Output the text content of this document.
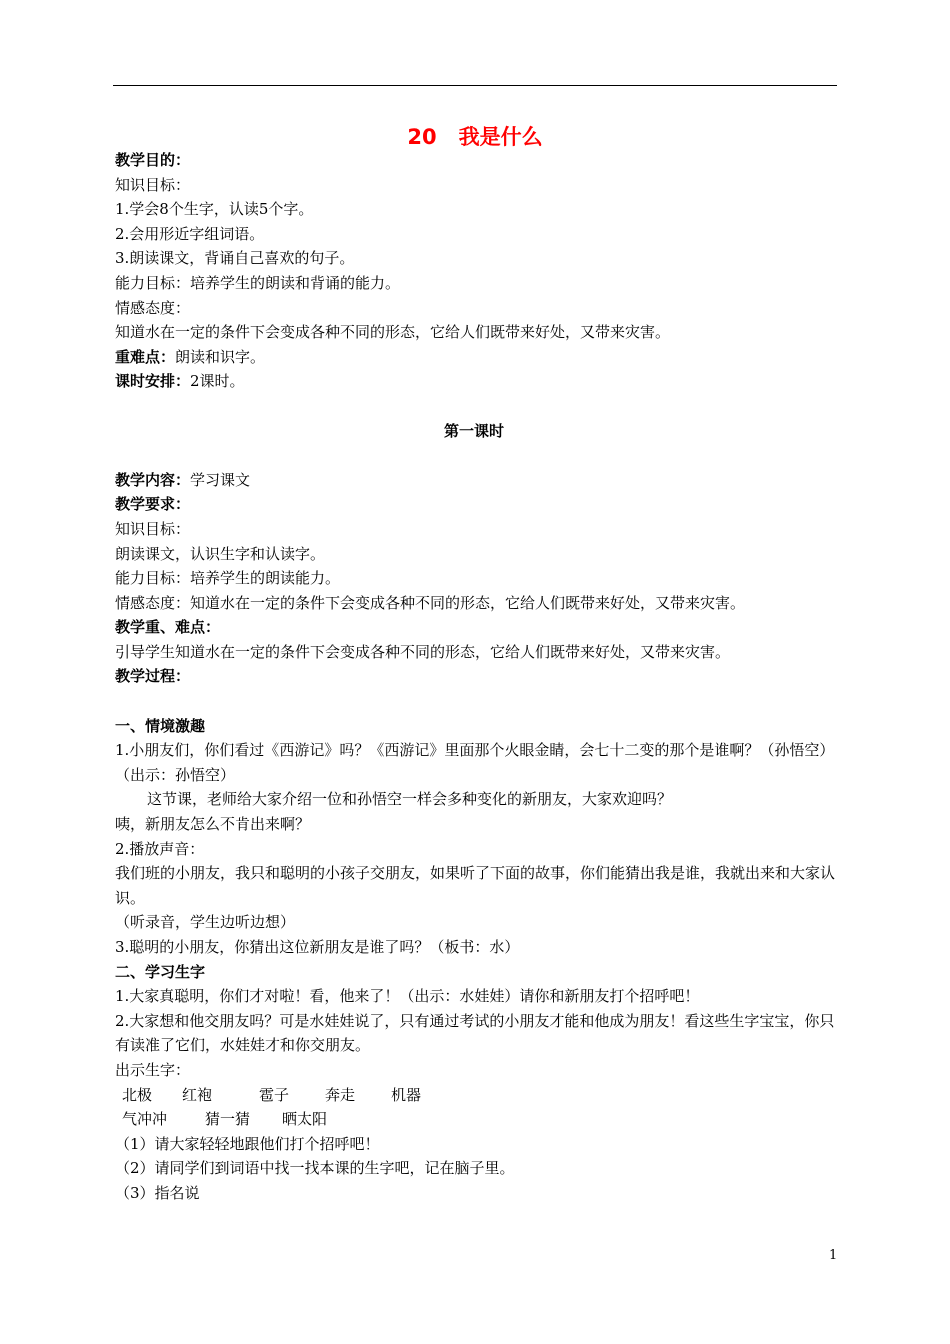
20 我是什么
教学目的：
知识目标：
1.学会8个生字，认读5个字。
2.会用形近字组词语。
3.朗读课文，背诵自己喜欢的句子。
能力目标：培养学生的朗读和背诵的能力。
情感态度：
知道水在一定的条件下会变成各种不同的形态，它给人们既带来好处，又带来灾害。
重难点：朗读和识字。
课时安排：2课时。
第一课时
教学内容：学习课文
教学要求：
知识目标：
朗读课文，认识生字和认读字。
能力目标：培养学生的朗读能力。
情感态度：知道水在一定的条件下会变成各种不同的形态，它给人们既带来好处，又带来灾害。
教学重、难点：
引导学生知道水在一定的条件下会变成各种不同的形态，它给人们既带来好处，又带来灾害。
教学过程：
一、情境激趣
1.小朋友们，你们看过《西游记》吗？《西游记》里面那个火眼金睛，会七十二变的那个是谁啊？（孙悟空）（出示：孙悟空）
这节课，老师给大家介绍一位和孙悟空一样会多种变化的新朋友，大家欢迎吗？
咦，新朋友怎么不肯出来啊？
2.播放声音：
我们班的小朋友，我只和聪明的小孩子交朋友，如果听了下面的故事，你们能猜出我是谁，我就出来和大家认识。
（听录音，学生边听边想）
3.聪明的小朋友，你猜出这位新朋友是谁了吗？（板书：水）
二、学习生字
1.大家真聪明，你们才对啦！看，他来了！（出示：水娃娃）请你和新朋友打个招呼吧！
2.大家想和他交朋友吗？可是水娃娃说了，只有通过考试的小朋友才能和他成为朋友！看这些生字宝宝，你只有读准了它们，水娃娃才和你交朋友。
出示生字：
北极 红袍	雹子 奔走 机器
气冲冲	猜一猜 晒太阳
（1）请大家轻轻地跟他们打个招呼吧！
（2）请同学们到词语中找一找本课的生字吧，记在脑子里。
（3）指名说
1
